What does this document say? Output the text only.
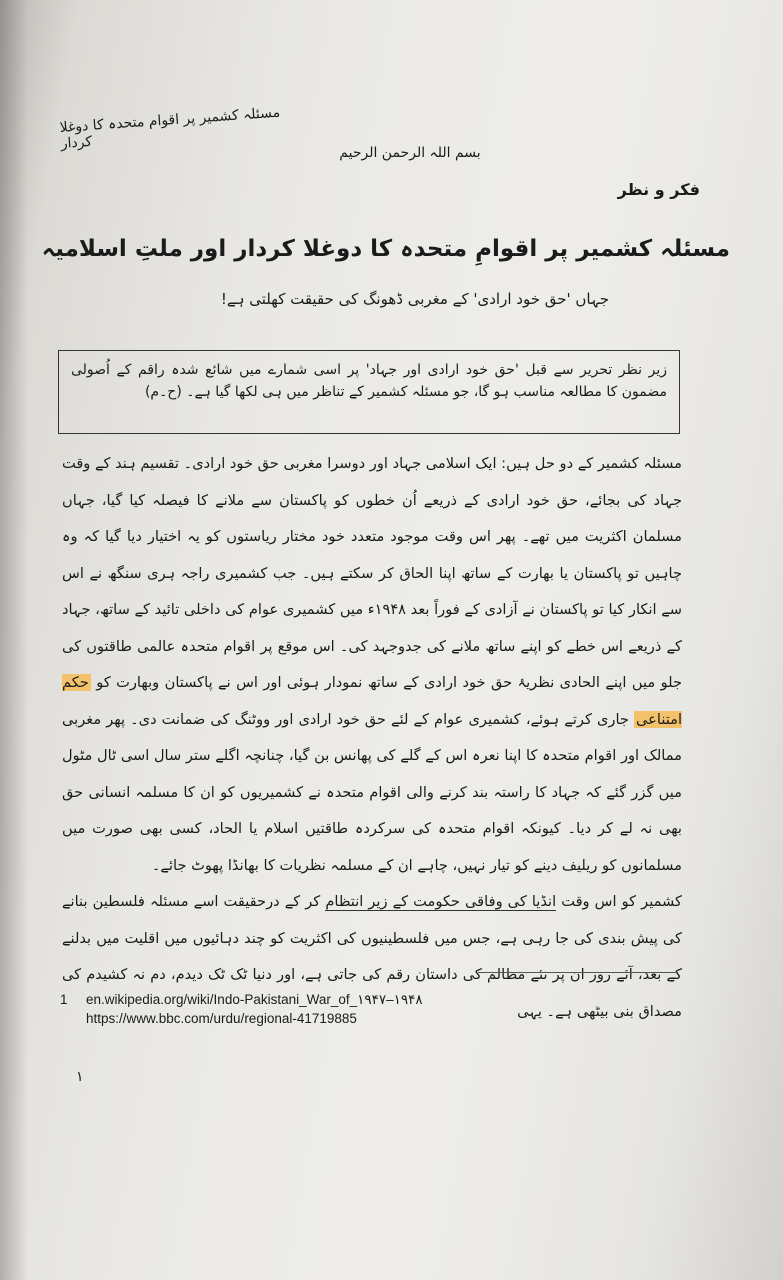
مسئلہ کشمیر پر اقوام متحدہ کا دوغلا کردار
بسم اللہ الرحمن الرحیم
فکر و نظر
مسئلہ کشمیر پر اقوامِ متحدہ کا دوغلا کردار اور ملتِ اسلامیہ
جہاں 'حق خود ارادی' کے مغربی ڈھونگ کی حقیقت کھلتی ہے!
زیر نظر تحریر سے قبل 'حق خود ارادی اور جہاد' پر اسی شمارے میں شائع شدہ راقم کے اُصولی مضمون کا مطالعہ مناسب ہو گا، جو مسئلہ کشمیر کے تناظر میں ہی لکھا گیا ہے۔ (ح۔م)

مسئلہ کشمیر کے دو حل ہیں: ایک اسلامی جہاد اور دوسرا مغربی حق خود ارادی۔ تقسیم ہند کے وقت جہاد کی بجائے، حق خود ارادی کے ذریعے اُن خطوں کو پاکستان سے ملانے کا فیصلہ کیا گیا، جہاں مسلمان اکثریت میں تھے۔ پھر اس وقت موجود متعدد خود مختار ریاستوں کو یہ اختیار دیا گیا کہ وہ چاہیں تو پاکستان یا بھارت کے ساتھ اپنا الحاق کر سکتے ہیں۔ جب کشمیری راجہ ہری سنگھ نے اس سے انکار کیا تو پاکستان نے آزادی کے فوراً بعد ۱۹۴۸ء میں کشمیری عوام کی داخلی تائید کے ساتھ، جہاد کے ذریعے اس خطے کو اپنے ساتھ ملانے کی جدوجہد کی۔ اس موقع پر اقوام متحدہ عالمی طاقتوں کی جلو میں اپنے الحادی نظریۂ حق خود ارادی کے ساتھ نمودار ہوئی اور اس نے پاکستان وبھارت کو حکم امتناعی جاری کرتے ہوئے، کشمیری عوام کے لئے حق خود ارادی اور ووٹنگ کی ضمانت دی۔ پھر مغربی ممالک اور اقوام متحدہ کا اپنا نعرہ اس کے گلے کی پھانس بن گیا، چنانچہ اگلے ستر سال اسی ٹال مٹول میں گزر گئے کہ جہاد کا راستہ بند کرنے والی اقوام متحدہ نے کشمیریوں کو ان کا مسلمہ انسانی حق بھی نہ لے کر دیا۔ کیونکہ اقوام متحدہ کی سرکردہ طاقتیں اسلام یا الحاد، کسی بھی صورت میں مسلمانوں کو ریلیف دینے کو تیار نہیں، چاہے ان کے مسلمہ نظریات کا بھانڈا پھوٹ جائے۔

کشمیر کو اس وقت انڈیا کی وفاقی حکومت کے زیر انتظام کر کے درحقیقت اسے مسئلہ فلسطین بنانے کی پیش بندی کی جا رہی ہے، جس میں فلسطینیوں کی اکثریت کو چند دہائیوں میں اقلیت میں بدلنے کے بعد، آئے روز ان پر نئے مظالم کی داستان رقم کی جاتی ہے، اور دنیا ٹک ٹک دیدم، دم نہ کشیدم کی مصداق بنی بیٹھی ہے۔ یہی

1 en.wikipedia.org/wiki/Indo-Pakistani_War_of_۱۹۴۷–۱۹۴۸
https://www.bbc.com/urdu/regional-41719885
۱
